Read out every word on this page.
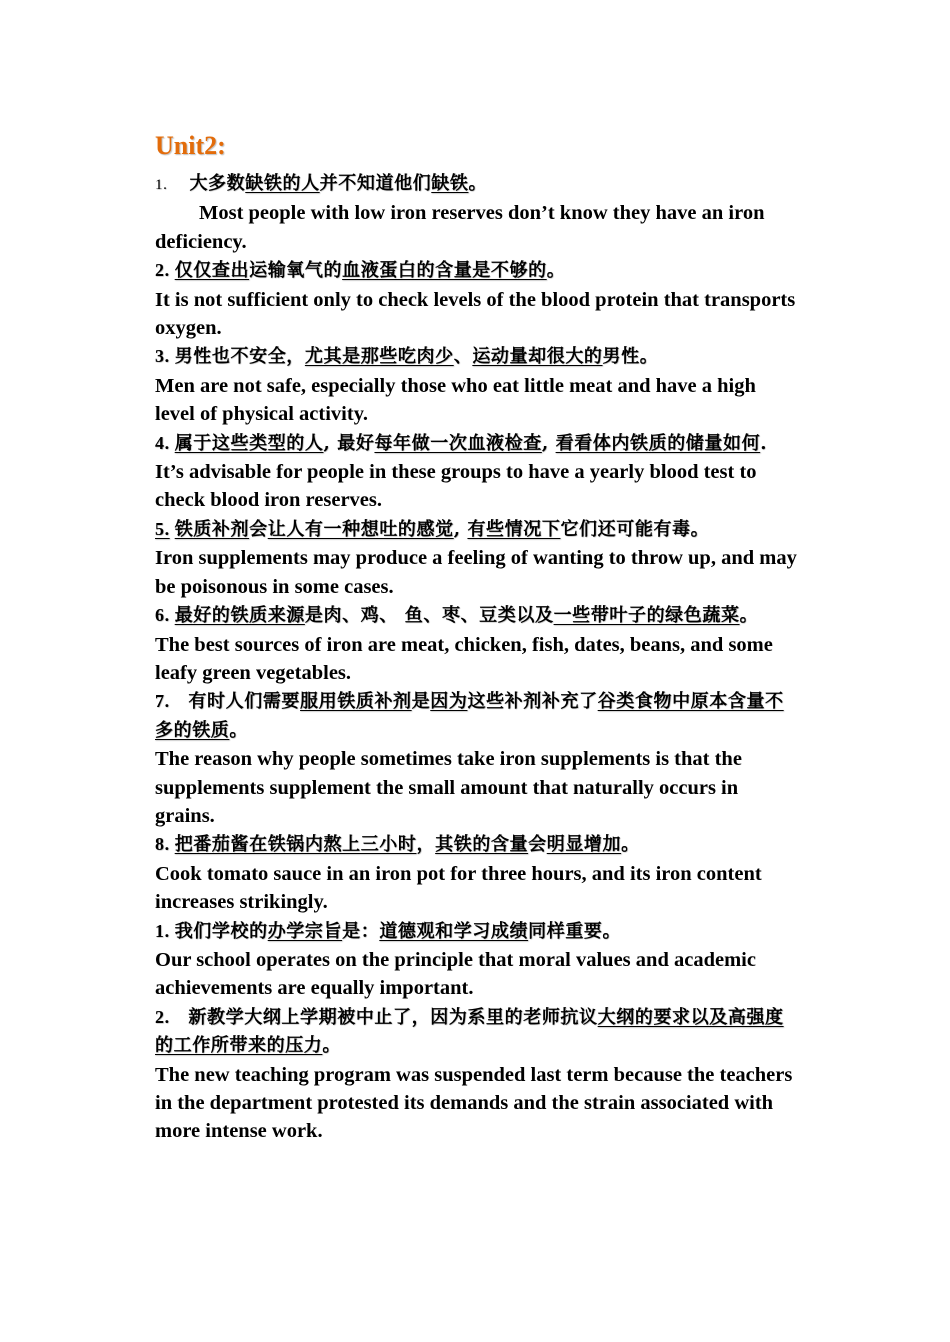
Unit2:
1. 大多数缺铁的人并不知道他们缺铁。
Most people with low iron reserves don’t know they have an iron deficiency.
2. 仅仅查出运输氧气的血液蛋白的含量是不够的。
It is not sufficient only to check levels of the blood protein that transports oxygen.
3. 男性也不安全，尤其是那些吃肉少、运动量却很大的男性。
Men are not safe, especially those who eat little meat and have a high level of physical activity.
4. 属于这些类型的人, 最好每年做一次血液检查, 看看体内铁质的储量如何.
It’s advisable for people in these groups to have a yearly blood test to check blood iron reserves.
5. 铁质补剂会让人有一种想吐的感觉, 有些情况下它们还可能有毒。
Iron supplements may produce a feeling of wanting to throw up, and may be poisonous in some cases.
6. 最好的铁质来源是肉、鸡、 鱼、枣、豆类以及一些带叶子的绿色蔬菜。
The best sources of iron are meat, chicken, fish, dates, beans, and some leafy green vegetables.
7.  有时人们需要服用铁质补剂是因为这些补剂补充了谷类食物中原本含量不多的铁质。
The reason why people sometimes take iron supplements is that the supplements supplement the small amount that naturally occurs in grains.
8. 把番茄酱在铁锅内熬上三小时，其铁的含量会明显增加。
Cook tomato sauce in an iron pot for three hours, and its iron content increases strikingly.
1. 我们学校的办学宗旨是：道德观和学习成绩同样重要。
Our school operates on the principle that moral values and academic achievements are equally important.
2.  新教学大纲上学期被中止了，因为系里的老师抗议大纲的要求以及高强度的工作所带来的压力。
The new teaching program was suspended last term because the teachers in the department protested its demands and the strain associated with more intense work.
